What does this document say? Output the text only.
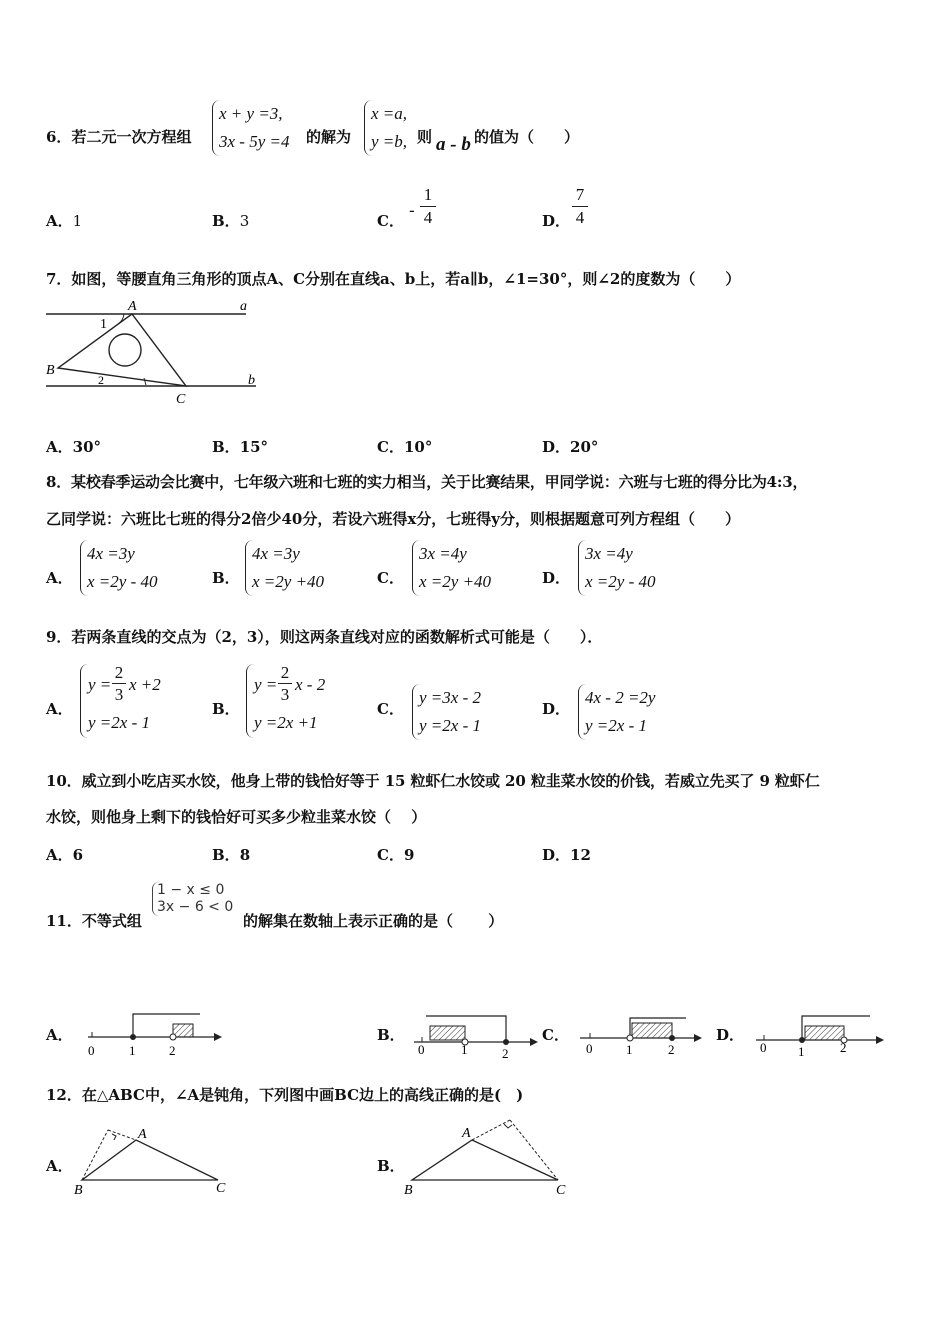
6．若二元一次方程组
x + y =3,
3x - 5y =4 的解为
x =a,
y =b, 则 a - b 的值为（　　）
A．1	B．3	C． - $\frac{1}{4}$	D． $\frac{7}{4}$
7．如图，等腰直角三角形的顶点A、C分别在直线a、b上，若a∥b，∠1=30°，则∠2的度数为（　　）
A
B
C
a
b
1
2
A．30°	B．15°	C．10°	D．20°
8．某校春季运动会比赛中，七年级六班和七班的实力相当，关于比赛结果，甲同学说：六班与七班的得分比为4:3，
乙同学说：六班比七班的得分2倍少40分，若设六班得x分，七班得y分，则根据题意可列方程组（　　）
A．
4x =3y
x =2y - 40	B．
4x =3y
x =2y +40	C．
3x =4y
x =2y +40	D．
3x =4y
x =2y - 40
9．若两条直线的交点为（2，3），则这两条直线对应的函数解析式可能是（　　）．
A．
$y = \frac{2}{3}$ x +2
y =2x - 1
B．
$y = \frac{2}{3}$ x - 2
y =2x +1
C．
y =3x - 2
y =2x - 1
D．
4x - 2 =2y
y =2x - 1
10．威立到小吃店买水饺，他身上带的钱恰好等于 15 粒虾仁水饺或 20 粒韭菜水饺的价钱，若威立先买了 9 粒虾仁
水饺，则他身上剩下的钱恰好可买多少粒韭菜水饺（　 ）
A．6	B．8	C．9	D．12
11．不等式组
1 − x ≤ 0
3x − 6 < 0
的解集在数轴上表示正确的是（　　 ）
A．
0	1	2
B．
0	1	2
C．
0	1	2
D．
0 1	2
12．在△ABC中，∠A是钝角，下列图中画BC边上的高线正确的是(　)
A．
A
B	C
B．
A
B	C
